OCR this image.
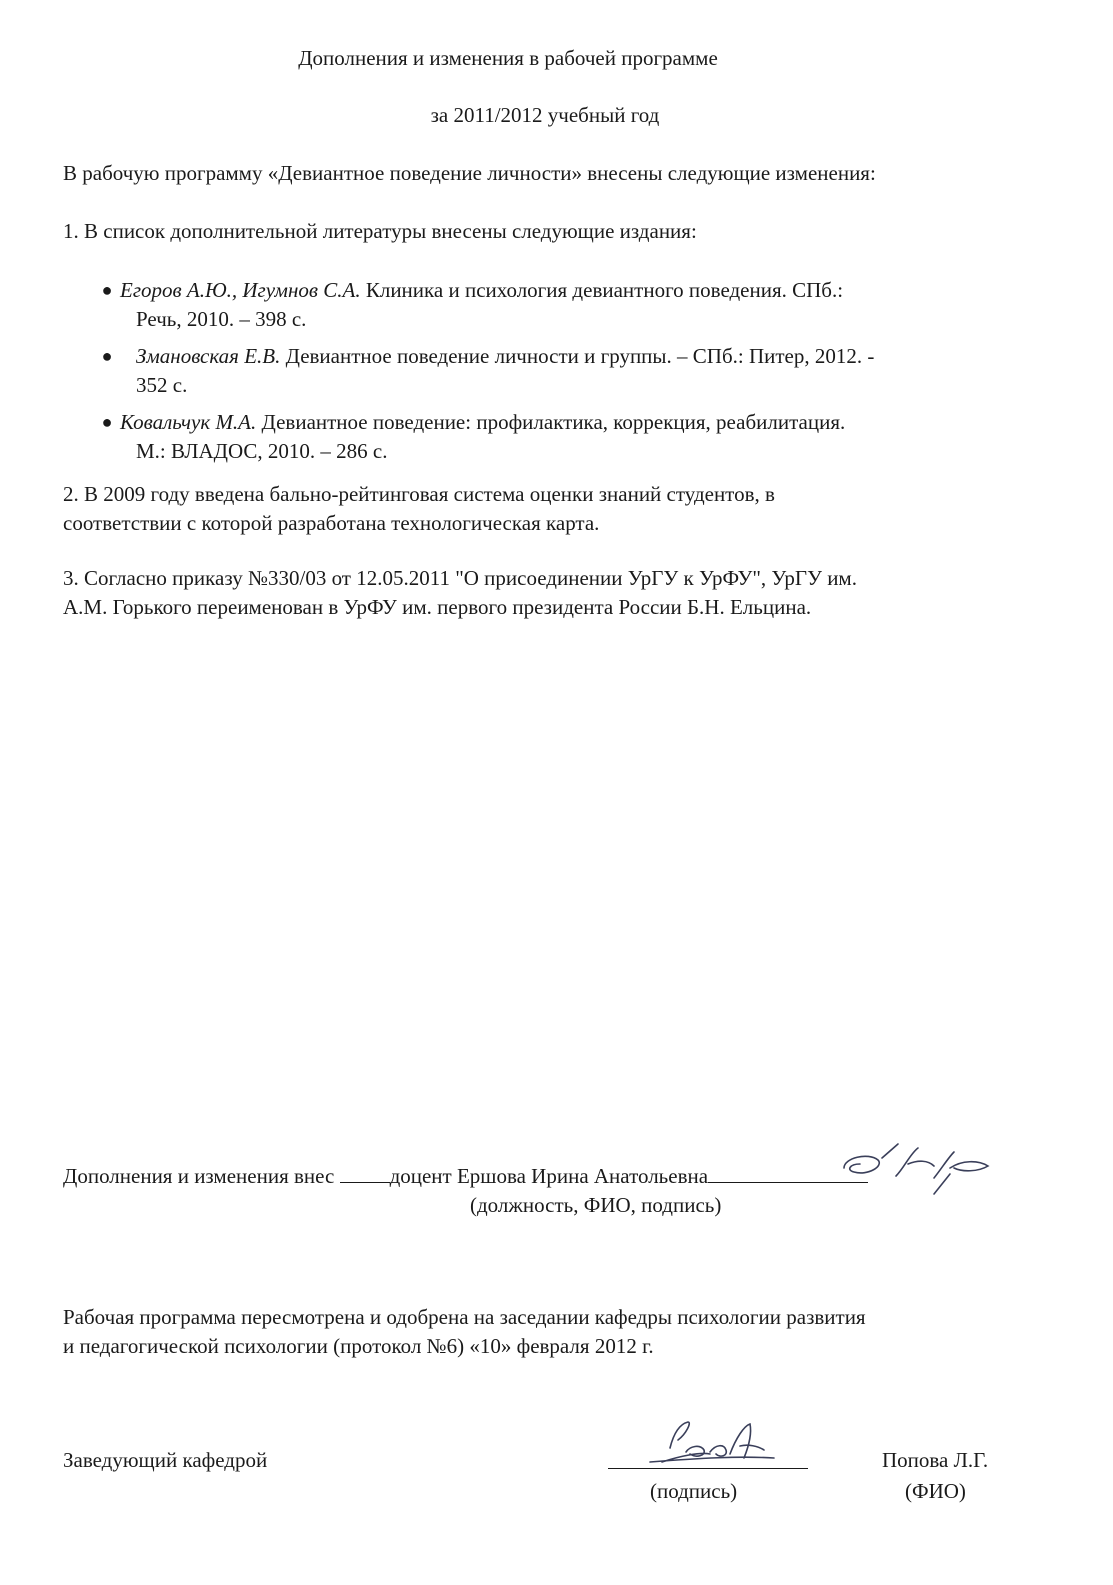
Дополнения и изменения в рабочей программе
за 2011/2012 учебный год
В рабочую программу «Девиантное поведение личности» внесены следующие изменения:
1. В список дополнительной литературы внесены следующие издания:
● Егоров А.Ю., Игумнов С.А. Клиника и психология девиантного поведения. СПб.:
Речь, 2010. – 398 с.
●	Змановская Е.В. Девиантное поведение личности и группы. – СПб.: Питер, 2012. -
352 с.
● Ковальчук М.А. Девиантное поведение: профилактика, коррекция, реабилитация.
М.: ВЛАДОС, 2010. – 286 с.
2. В 2009 году введена бально-рейтинговая система оценки знаний студентов, в
соответствии с которой разработана технологическая карта.
3. Согласно приказу №330/03 от 12.05.2011 "О присоединении УрГУ к УрФУ", УрГУ им.
А.М. Горького переименован в УрФУ им. первого президента России Б.Н. Ельцина.
Дополнения и изменения внес доцент Ершова Ирина Анатольевна
(должность, ФИО, подпись)
Рабочая программа пересмотрена и одобрена на заседании кафедры психологии развития
и педагогической психологии (протокол №6) «10» февраля 2012 г.
Заведующий кафедрой
(подпись)
Попова Л.Г.
(ФИО)
